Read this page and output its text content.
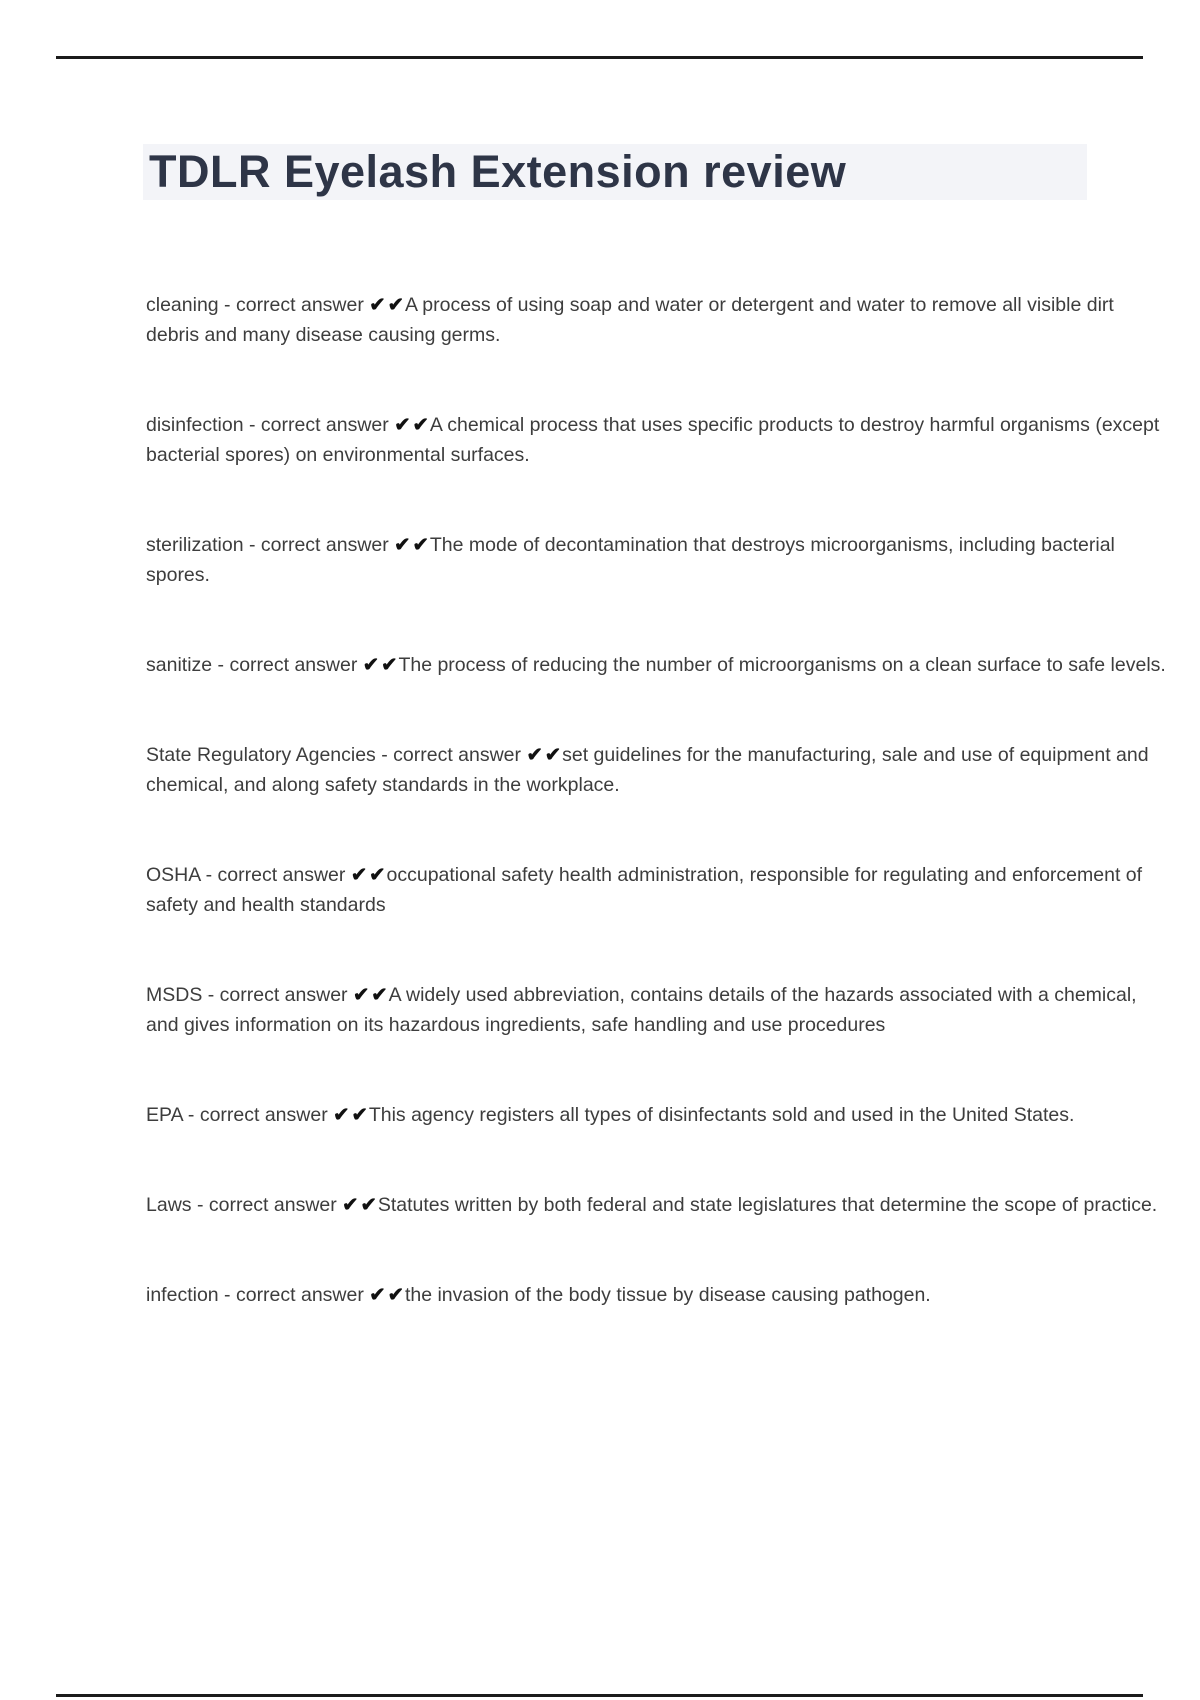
TDLR Eyelash Extension review

cleaning - correct answer ✔✔A process of using soap and water or detergent and water to remove all visible dirt debris and many disease causing germs.

disinfection - correct answer ✔✔A chemical process that uses specific products to destroy harmful organisms (except bacterial spores) on environmental surfaces.

sterilization - correct answer ✔✔The mode of decontamination that destroys microorganisms, including bacterial spores.

sanitize - correct answer ✔✔The process of reducing the number of microorganisms on a clean surface to safe levels.

State Regulatory Agencies - correct answer ✔✔set guidelines for the manufacturing, sale and use of equipment and chemical, and along safety standards in the workplace.

OSHA - correct answer ✔✔occupational safety health administration, responsible for regulating and enforcement of safety and health standards

MSDS - correct answer ✔✔A widely used abbreviation, contains details of the hazards associated with a chemical, and gives information on its hazardous ingredients, safe handling and use procedures

EPA - correct answer ✔✔This agency registers all types of disinfectants sold and used in the United States.

Laws - correct answer ✔✔Statutes written by both federal and state legislatures that determine the scope of practice.

infection - correct answer ✔✔the invasion of the body tissue by disease causing pathogen.
